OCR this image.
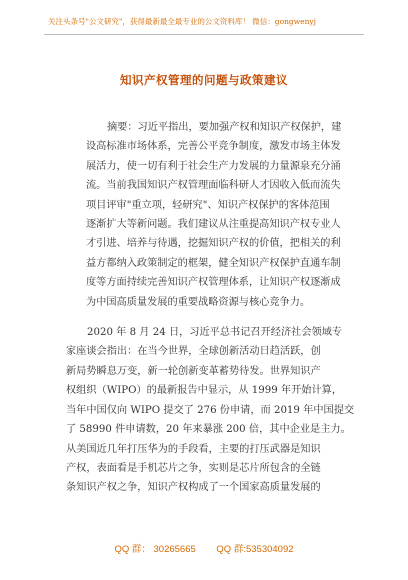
关注头条号"公文研究"，获得最新最全最专业的公文资料库！ 微信：gongwenyj
知识产权管理的问题与政策建议
摘要：习近平指出，要加强产权和知识产权保护，建
设高标准市场体系，完善公平竞争制度，激发市场主体发
展活力，使一切有利于社会生产力发展的力量源泉充分涌
流。当前我国知识产权管理面临科研人才因收入低而流失
项目评审"重立项，轻研究"、知识产权保护的客体范围
逐渐扩大等新问题。我们建议从注重提高知识产权专业人
才引进、培养与待遇，挖掘知识产权的价值，把相关的利
益方都纳入政策制定的框架，健全知识产权保护直通车制
度等方面持续完善知识产权管理体系，让知识产权逐渐成
为中国高质量发展的重要战略资源与核心竞争力。
2020 年 8 月 24 日，习近平总书记召开经济社会领域专
家座谈会指出：在当今世界，全球创新活动日趋活跃，创
新局势瞬息万变，新一轮创新变革蓄势待发。世界知识产
权组织（WIPO）的最新报告中显示，从 1999 年开始计算，
当年中国仅向 WIPO 提交了 276 份申请，而 2019 年中国提交
了 58990 件申请数，20 年来暴涨 200 倍，其中企业是主力。
从美国近几年打压华为的手段看，主要的打压武器是知识
产权，表面看是手机芯片之争，实则是芯片所包含的全链
条知识产权之争，知识产权构成了一个国家高质量发展的
QQ 群： 30265665 QQ 群:535304092
